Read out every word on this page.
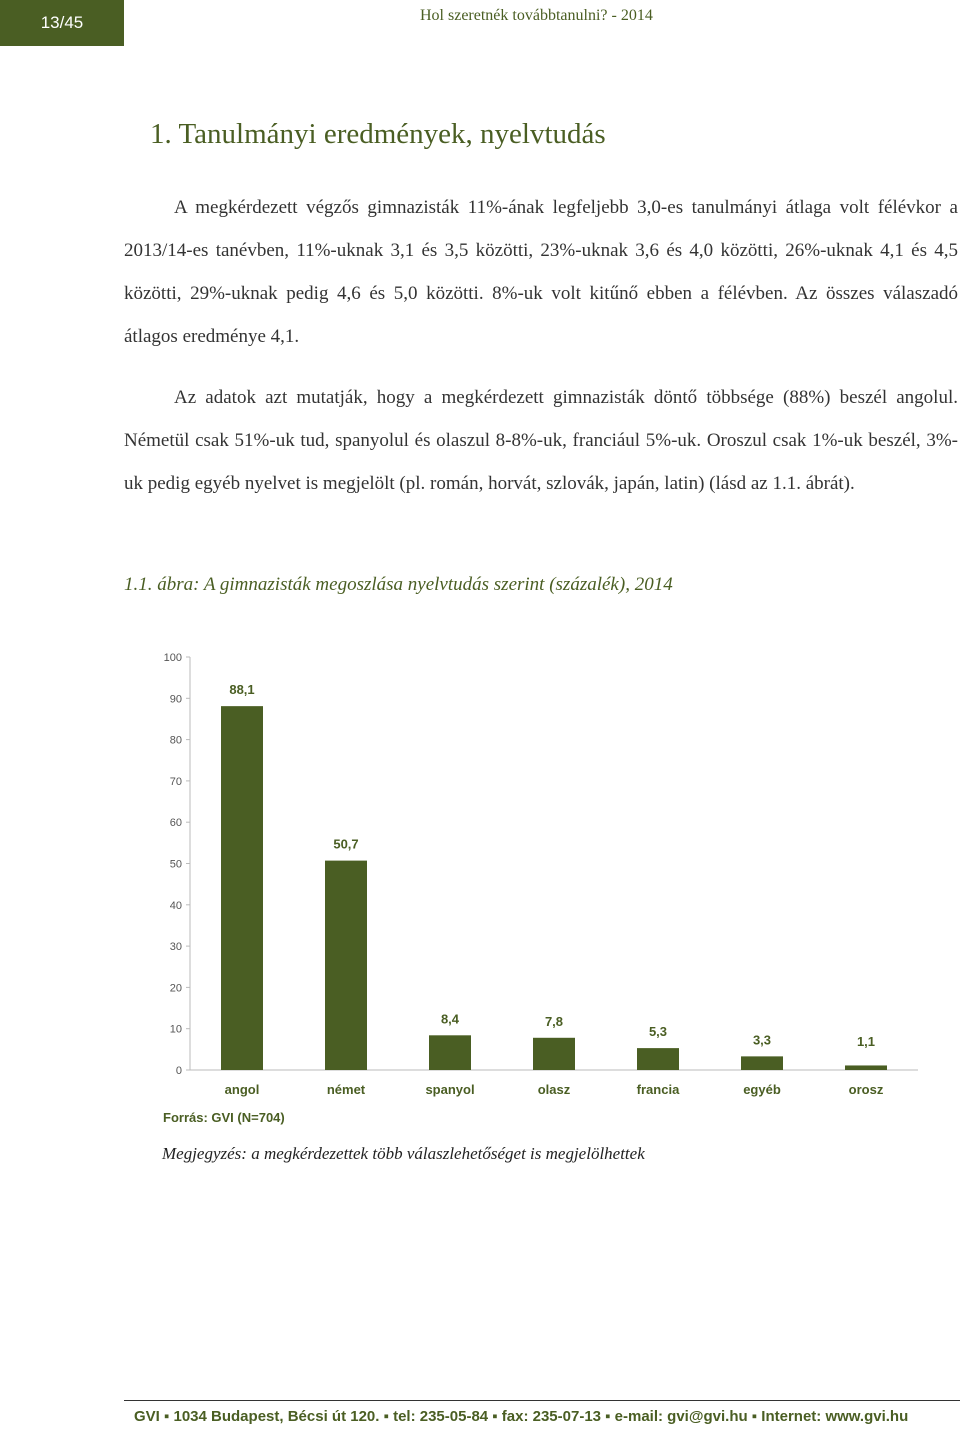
13/45	Hol szeretnék továbbtanulni? - 2014
1. Tanulmányi eredmények, nyelvtudás
A megkérdezett végzős gimnazisták 11%-ának legfeljebb 3,0-es tanulmányi átlaga volt félévkor a 2013/14-es tanévben, 11%-uknak 3,1 és 3,5 közötti, 23%-uknak 3,6 és 4,0 közötti, 26%-uknak 4,1 és 4,5 közötti, 29%-uknak pedig 4,6 és 5,0 közötti. 8%-uk volt kitűnő ebben a félévben. Az összes válaszadó átlagos eredménye 4,1.
Az adatok azt mutatják, hogy a megkérdezett gimnazisták döntő többsége (88%) beszél angolul. Németül csak 51%-uk tud, spanyolul és olaszul 8-8%-uk, franciául 5%-uk. Oroszul csak 1%-uk beszél, 3%-uk pedig egyéb nyelvet is megjelölt (pl. román, horvát, szlovák, japán, latin) (lásd az 1.1. ábrát).
1.1. ábra: A gimnazisták megoszlása nyelvtudás szerint (százalék), 2014
0
10
20
30
40
50
60
70
80
90
100
88,1
angol
50,7
német
8,4
spanyol
7,8
olasz
5,3
francia
3,3
egyéb
1,1
orosz
Forrás: GVI (N=704)
Megjegyzés: a megkérdezettek több válaszlehetőséget is megjelölhettek
GVI ▪ 1034 Budapest, Bécsi út 120. ▪ tel: 235-05-84 ▪ fax: 235-07-13 ▪ e-mail: gvi@gvi.hu ▪ Internet: www.gvi.hu
